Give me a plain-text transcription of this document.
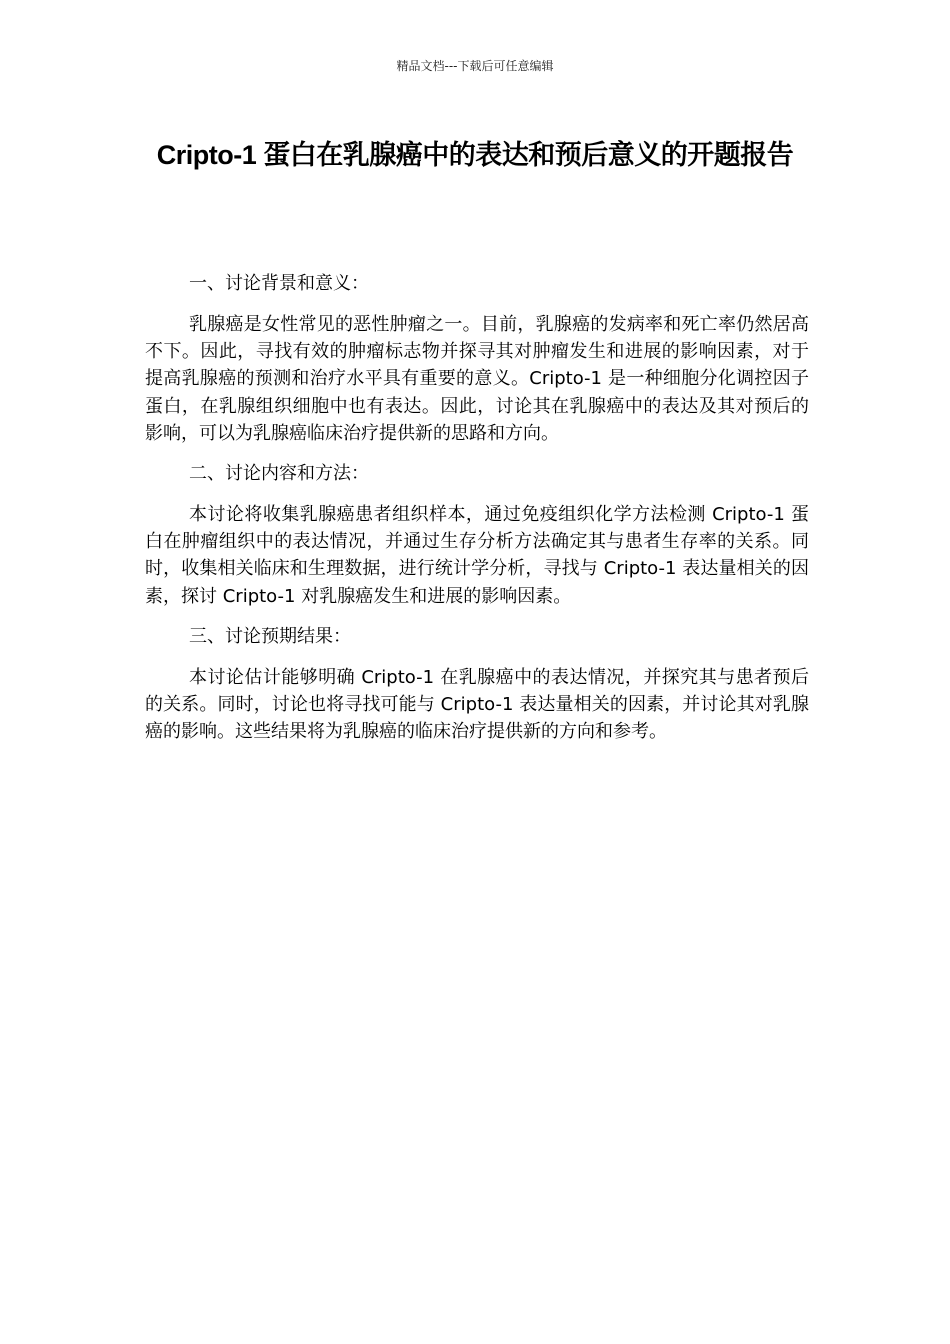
精品文档---下载后可任意编辑
Cripto-1 蛋白在乳腺癌中的表达和预后意义的开题报告

一、讨论背景和意义：

乳腺癌是女性常见的恶性肿瘤之一。目前，乳腺癌的发病率和死亡率仍然居高不下。因此，寻找有效的肿瘤标志物并探寻其对肿瘤发生和进展的影响因素，对于提高乳腺癌的预测和治疗水平具有重要的意义。Cripto-1 是一种细胞分化调控因子蛋白，在乳腺组织细胞中也有表达。因此，讨论其在乳腺癌中的表达及其对预后的影响，可以为乳腺癌临床治疗提供新的思路和方向。

二、讨论内容和方法：

本讨论将收集乳腺癌患者组织样本，通过免疫组织化学方法检测 Cripto-1 蛋白在肿瘤组织中的表达情况，并通过生存分析方法确定其与患者生存率的关系。同时，收集相关临床和生理数据，进行统计学分析，寻找与 Cripto-1 表达量相关的因素，探讨 Cripto-1 对乳腺癌发生和进展的影响因素。

三、讨论预期结果：

本讨论估计能够明确 Cripto-1 在乳腺癌中的表达情况，并探究其与患者预后的关系。同时，讨论也将寻找可能与 Cripto-1 表达量相关的因素，并讨论其对乳腺癌的影响。这些结果将为乳腺癌的临床治疗提供新的方向和参考。
